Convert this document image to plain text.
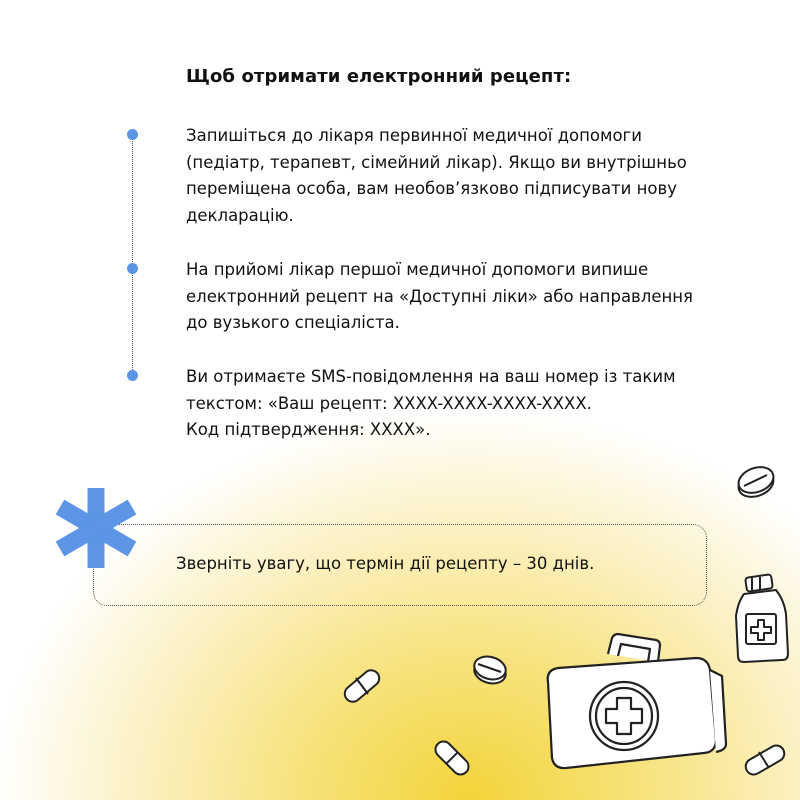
Щоб отримати електронний рецепт:
Запишіться до лікаря первинної медичної допомоги
(педіатр, терапевт, сімейний лікар). Якщо ви внутрішньо
переміщена особа, вам необов’язково підписувати нову
декларацію.
На прийомі лікар першої медичної допомоги випише
електронний рецепт на «Доступні ліки» або направлення
до вузького спеціаліста.
Ви отримаєте SMS-повідомлення на ваш номер із таким
текстом: «Ваш рецепт: XXXX-XXXX-XXXX-XXXX.
Код підтвердження: XXXX».
Зверніть увагу, що термін дії рецепту – 30 днів.
